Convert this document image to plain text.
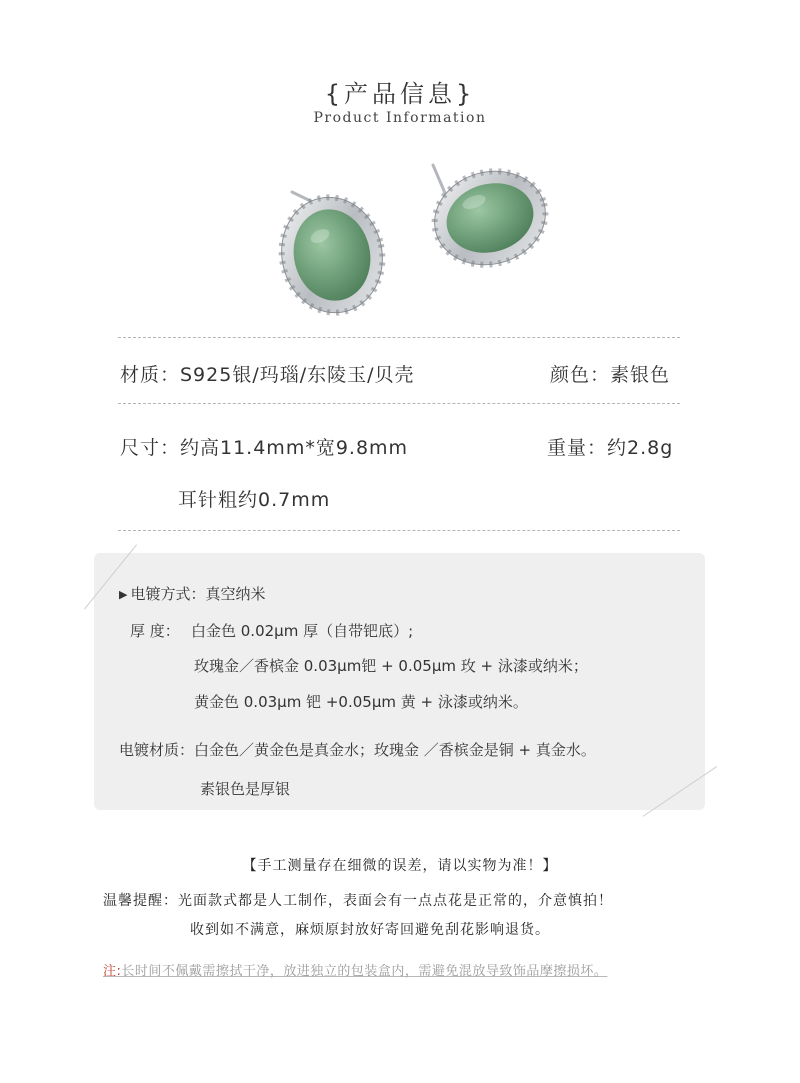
{产品信息}
Product Information
材质：S925银/玛瑙/东陵玉/贝壳	颜色：素银色
尺寸：约高11.4mm*宽9.8mm	重量：约2.8g
耳针粗约0.7mm
▶ 电镀方式：真空纳米
厚 度： 白金色 0.02μm 厚（自带钯底）;
玫瑰金／香槟金 0.03μm钯 + 0.05μm 玫 + 泳漆或纳米；
黄金色 0.03μm 钯 +0.05μm 黄 + 泳漆或纳米。
电镀材质：白金色／黄金色是真金水；玫瑰金 ／香槟金是铜 + 真金水。
素银色是厚银
【手工测量存在细微的误差，请以实物为准！】
温馨提醒：光面款式都是人工制作，表面会有一点点花是正常的，介意慎拍！
收到如不满意，麻烦原封放好寄回避免刮花影响退货。
注:长时间不佩戴需擦拭干净，放进独立的包装盒内，需避免混放导致饰品摩擦损坏。
